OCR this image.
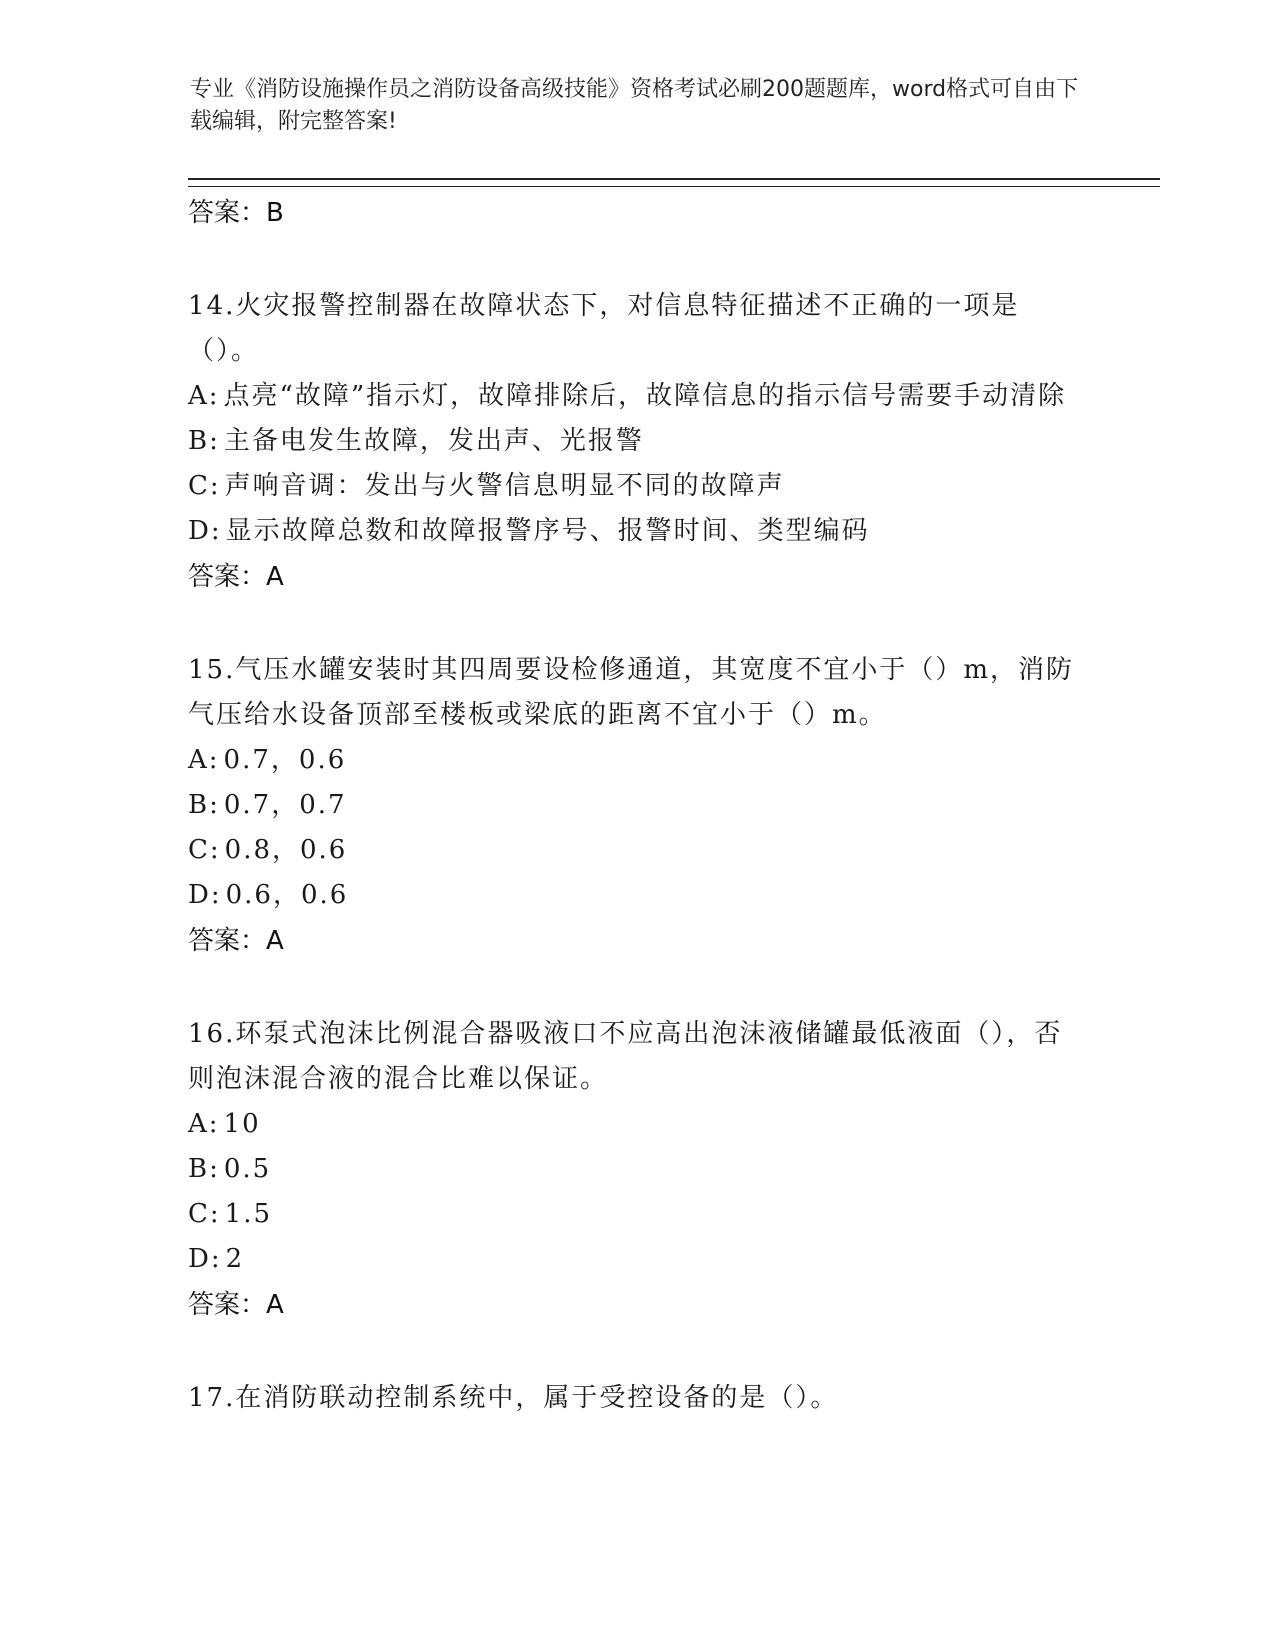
专业《消防设施操作员之消防设备高级技能》资格考试必刷200题题库，word格式可自由下载编辑，附完整答案!
答案：B
14.火灾报警控制器在故障状态下，对信息特征描述不正确的一项是（）。
A: 点亮“故障”指示灯，故障排除后，故障信息的指示信号需要手动清除
B: 主备电发生故障，发出声、光报警
C: 声响音调：发出与火警信息明显不同的故障声
D: 显示故障总数和故障报警序号、报警时间、类型编码
答案：A
15.气压水罐安装时其四周要设检修通道，其宽度不宜小于（）m，消防气压给水设备顶部至楼板或梁底的距离不宜小于（）m。
A: 0.7，0.6
B: 0.7，0.7
C: 0.8，0.6
D: 0.6，0.6
答案：A
16.环泵式泡沫比例混合器吸液口不应高出泡沫液储罐最低液面（），否则泡沫混合液的混合比难以保证。
A: 10
B: 0.5
C: 1.5
D: 2
答案：A
17.在消防联动控制系统中，属于受控设备的是（）。
